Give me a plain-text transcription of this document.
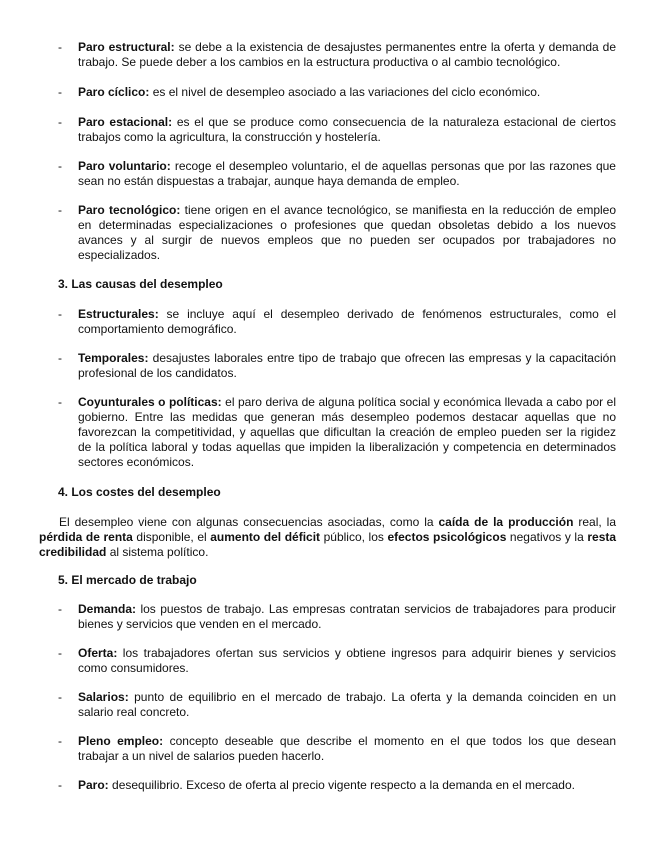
- Paro estructural: se debe a la existencia de desajustes permanentes entre la oferta y demanda de trabajo. Se puede deber a los cambios en la estructura productiva o al cambio tecnológico.
- Paro cíclico: es el nivel de desempleo asociado a las variaciones del ciclo económico.
- Paro estacional: es el que se produce como consecuencia de la naturaleza estacional de ciertos trabajos como la agricultura, la construcción y hostelería.
- Paro voluntario: recoge el desempleo voluntario, el de aquellas personas que por las razones que sean no están dispuestas a trabajar, aunque haya demanda de empleo.
- Paro tecnológico: tiene origen en el avance tecnológico, se manifiesta en la reducción de empleo en determinadas especializaciones o profesiones que quedan obsoletas debido a los nuevos avances y al surgir de nuevos empleos que no pueden ser ocupados por trabajadores no especializados.
3. Las causas del desempleo
- Estructurales: se incluye aquí el desempleo derivado de fenómenos estructurales, como el comportamiento demográfico.
- Temporales: desajustes laborales entre tipo de trabajo que ofrecen las empresas y la capacitación profesional de los candidatos.
- Coyunturales o políticas: el paro deriva de alguna política social y económica llevada a cabo por el gobierno. Entre las medidas que generan más desempleo podemos destacar aquellas que no favorezcan la competitividad, y aquellas que dificultan la creación de empleo pueden ser la rigidez de la política laboral y todas aquellas que impiden la liberalización y competencia en determinados sectores económicos.
4. Los costes del desempleo
El desempleo viene con algunas consecuencias asociadas, como la caída de la producción real, la pérdida de renta disponible, el aumento del déficit público, los efectos psicológicos negativos y la resta credibilidad al sistema político.
5. El mercado de trabajo
- Demanda: los puestos de trabajo. Las empresas contratan servicios de trabajadores para producir bienes y servicios que venden en el mercado.
- Oferta: los trabajadores ofertan sus servicios y obtiene ingresos para adquirir bienes y servicios como consumidores.
- Salarios: punto de equilibrio en el mercado de trabajo. La oferta y la demanda coinciden en un salario real concreto.
- Pleno empleo: concepto deseable que describe el momento en el que todos los que desean trabajar a un nivel de salarios pueden hacerlo.
- Paro: desequilibrio. Exceso de oferta al precio vigente respecto a la demanda en el mercado.
